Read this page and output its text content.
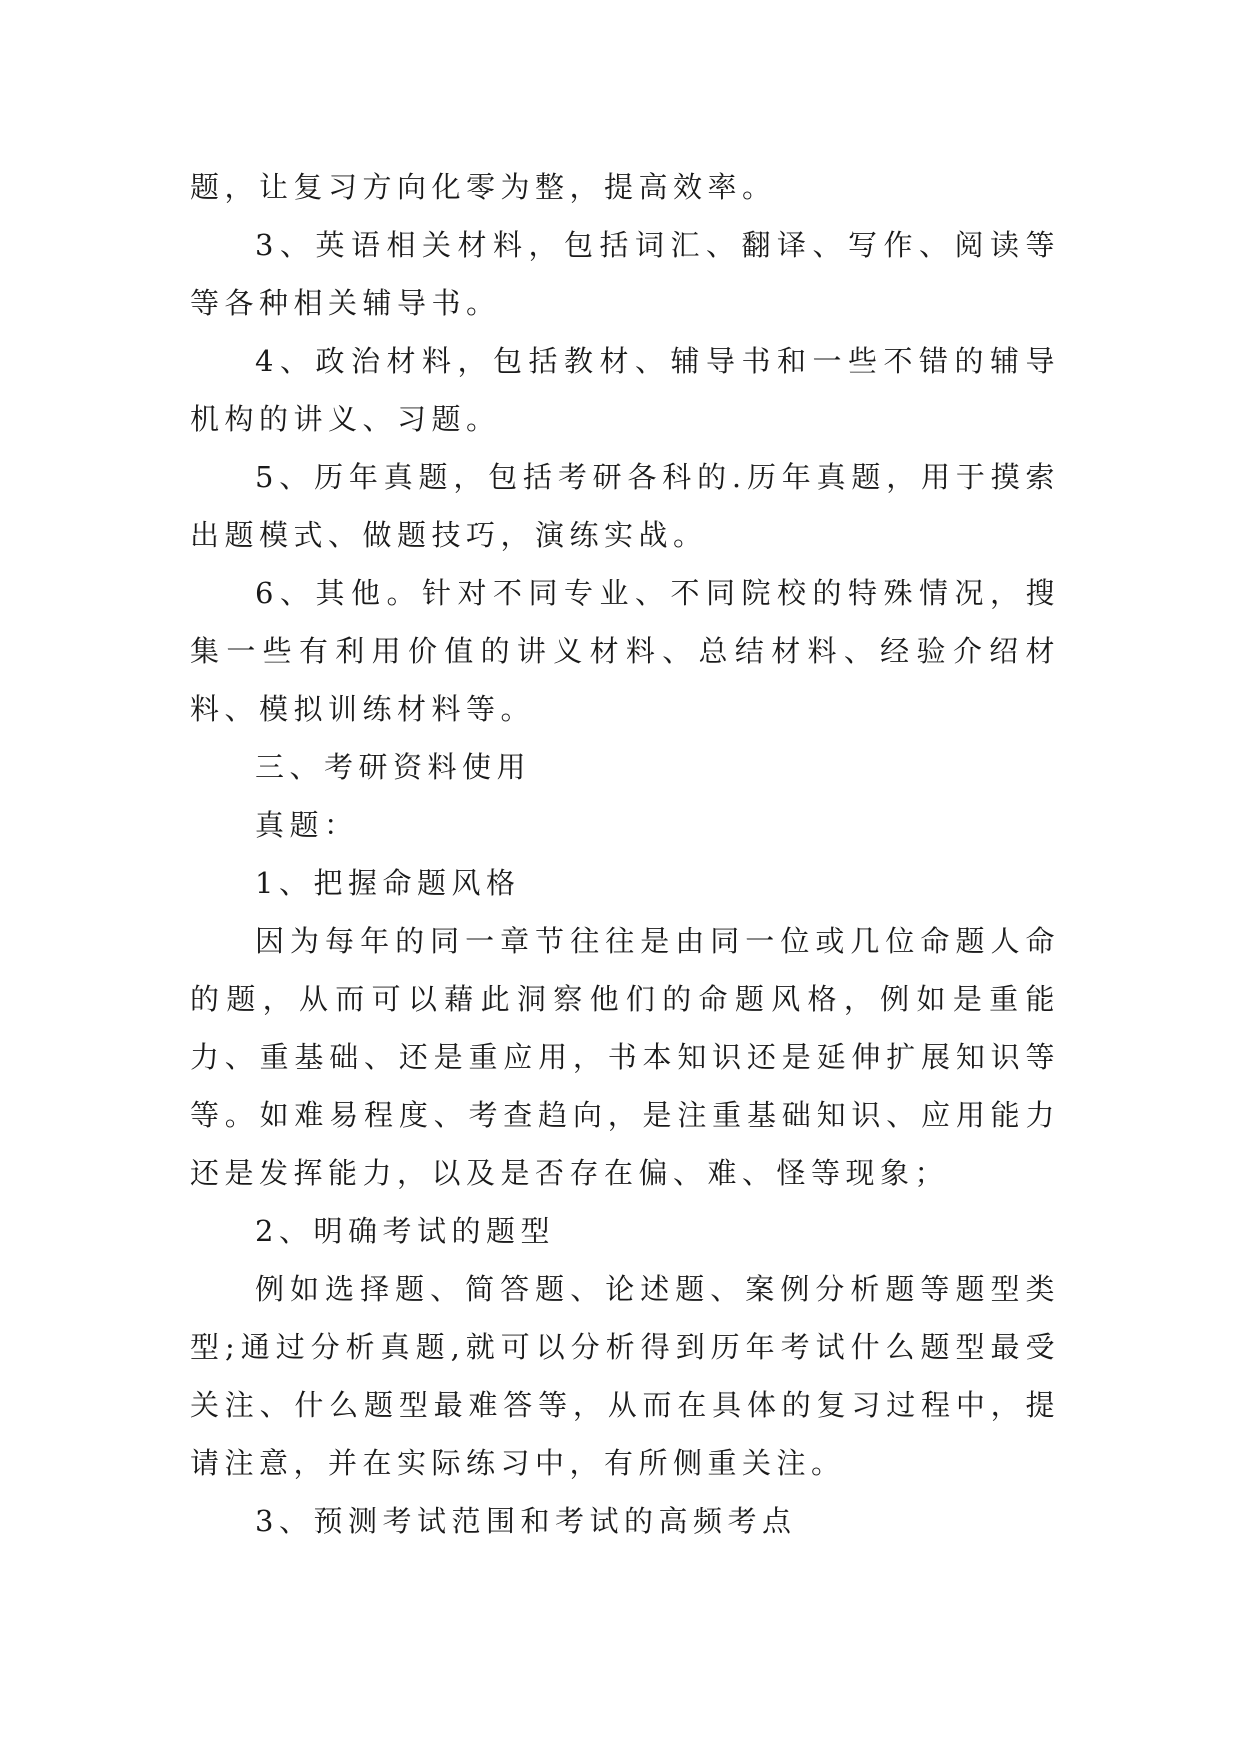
题，让复习方向化零为整，提高效率。

3、英语相关材料，包括词汇、翻译、写作、阅读等等各种相关辅导书。

4、政治材料，包括教材、辅导书和一些不错的辅导机构的讲义、习题。

5、历年真题，包括考研各科的.历年真题，用于摸索出题模式、做题技巧，演练实战。

6、其他。针对不同专业、不同院校的特殊情况，搜集一些有利用价值的讲义材料、总结材料、经验介绍材料、模拟训练材料等。

三、考研资料使用

真题：

1、把握命题风格

因为每年的同一章节往往是由同一位或几位命题人命的题，从而可以藉此洞察他们的命题风格，例如是重能力、重基础、还是重应用，书本知识还是延伸扩展知识等等。如难易程度、考查趋向，是注重基础知识、应用能力还是发挥能力，以及是否存在偏、难、怪等现象；

2、明确考试的题型

例如选择题、简答题、论述题、案例分析题等题型类型;通过分析真题,就可以分析得到历年考试什么题型最受关注、什么题型最难答等，从而在具体的复习过程中，提请注意，并在实际练习中，有所侧重关注。

3、预测考试范围和考试的高频考点
